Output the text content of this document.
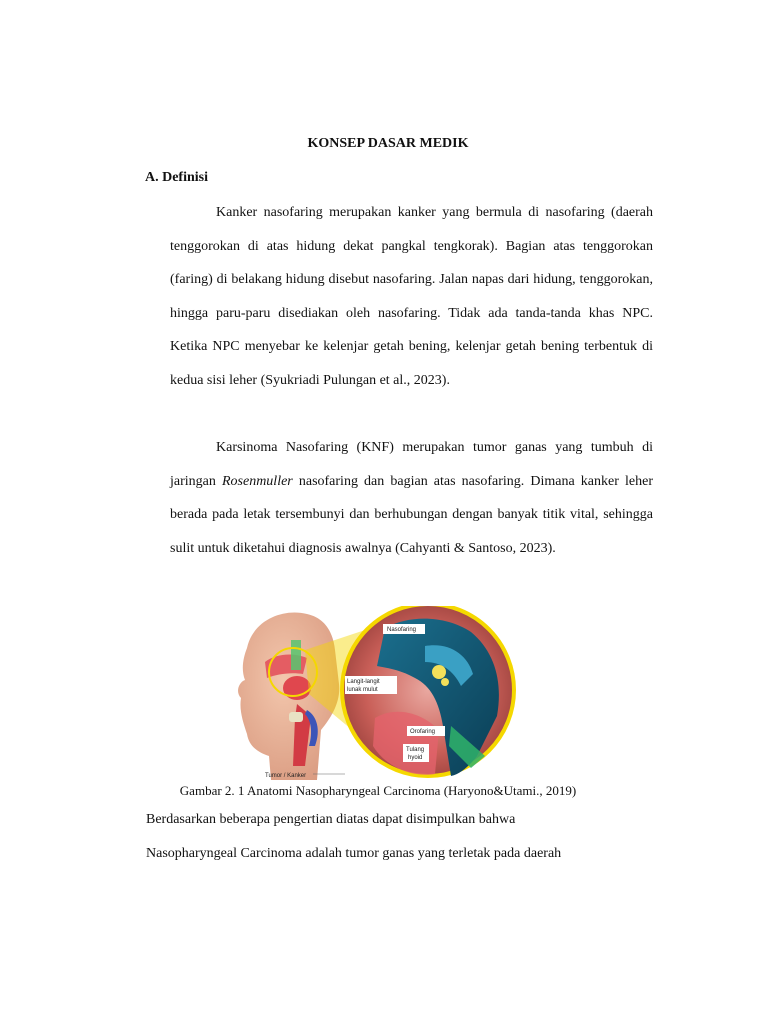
KONSEP DASAR MEDIK
A. Definisi

Kanker nasofaring merupakan kanker yang bermula di nasofaring (daerah tenggorokan di atas hidung dekat pangkal tengkorak). Bagian atas tenggorokan (faring) di belakang hidung disebut nasofaring. Jalan napas dari hidung, tenggorokan, hingga paru-paru disediakan oleh nasofaring. Tidak ada tanda-tanda khas NPC. Ketika NPC menyebar ke kelenjar getah bening, kelenjar getah bening terbentuk di kedua sisi leher (Syukriadi Pulungan et al., 2023).

Karsinoma Nasofaring (KNF) merupakan tumor ganas yang tumbuh di jaringan Rosenmuller nasofaring dan bagian atas nasofaring. Dimana kanker leher berada pada letak tersembunyi dan berhubungan dengan banyak titik vital, sehingga sulit untuk diketahui diagnosis awalnya (Cahyanti & Santoso, 2023).

Nasofaring
Langit-langit
lunak mulut
Orofaring
Tulang
hyoid
Tumor / Kanker
Gambar 2. 1 Anatomi Nasopharyngeal Carcinoma (Haryono&Utami., 2019)

Berdasarkan beberapa pengertian diatas dapat disimpulkan bahwa

Nasopharyngeal Carcinoma adalah tumor ganas yang terletak pada daerah
